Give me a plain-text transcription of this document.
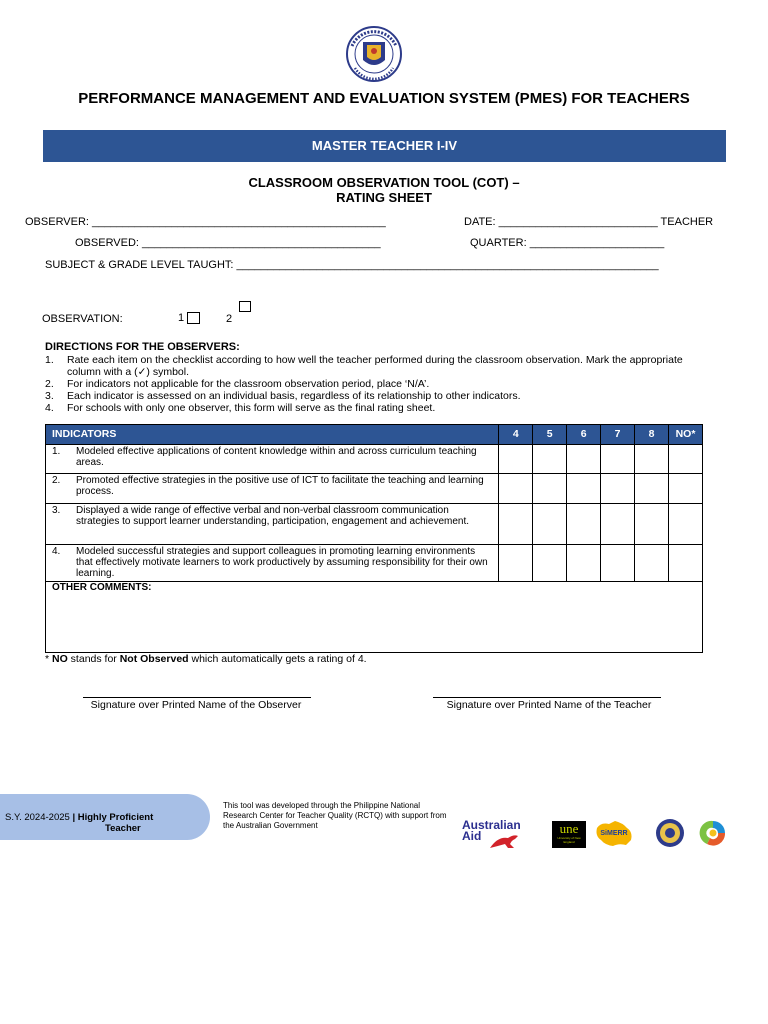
PERFORMANCE MANAGEMENT AND EVALUATION SYSTEM (PMES) FOR TEACHERS
MASTER TEACHER I-IV
CLASSROOM OBSERVATION TOOL (COT) –
RATING SHEET
OBSERVER: ________________________________________________	DATE: __________________________ TEACHER
OBSERVED: _______________________________________	QUARTER: ______________________
SUBJECT & GRADE LEVEL TAUGHT: _____________________________________________________________________
OBSERVATION:	1	2
DIRECTIONS FOR THE OBSERVERS:
1.	Rate each item on the checklist according to how well the teacher performed during the classroom observation. Mark the appropriate column with a (✓) symbol.
2.	For indicators not applicable for the classroom observation period, place ‘N/A’.
3.	Each indicator is assessed on an individual basis, regardless of its relationship to other indicators.
4.	For schools with only one observer, this form will serve as the final rating sheet.
INDICATORS	4	5	6	7	8	NO*

1. Modeled effective applications of content knowledge within and across curriculum teaching areas.						

2. Promoted effective strategies in the positive use of ICT to facilitate the teaching and learning process.						

3. Displayed a wide range of effective verbal and non-verbal classroom communication strategies to support learner understanding, participation, engagement and achievement.						

4. Modeled successful strategies and support colleagues in promoting learning environments that effectively motivate learners to work productively by assuming responsibility for their own learning.						

OTHER COMMENTS:						
* NO stands for Not Observed which automatically gets a rating of 4.
Signature over Printed Name of the Observer	Signature over Printed Name of the Teacher
S.Y. 2024-2025 | Highly Proficient
Teacher
This tool was developed through the Philippine National Research Center for Teacher Quality (RCTQ) with support from the Australian Government	Australian
Aid	une
University of New England
SiMERR
